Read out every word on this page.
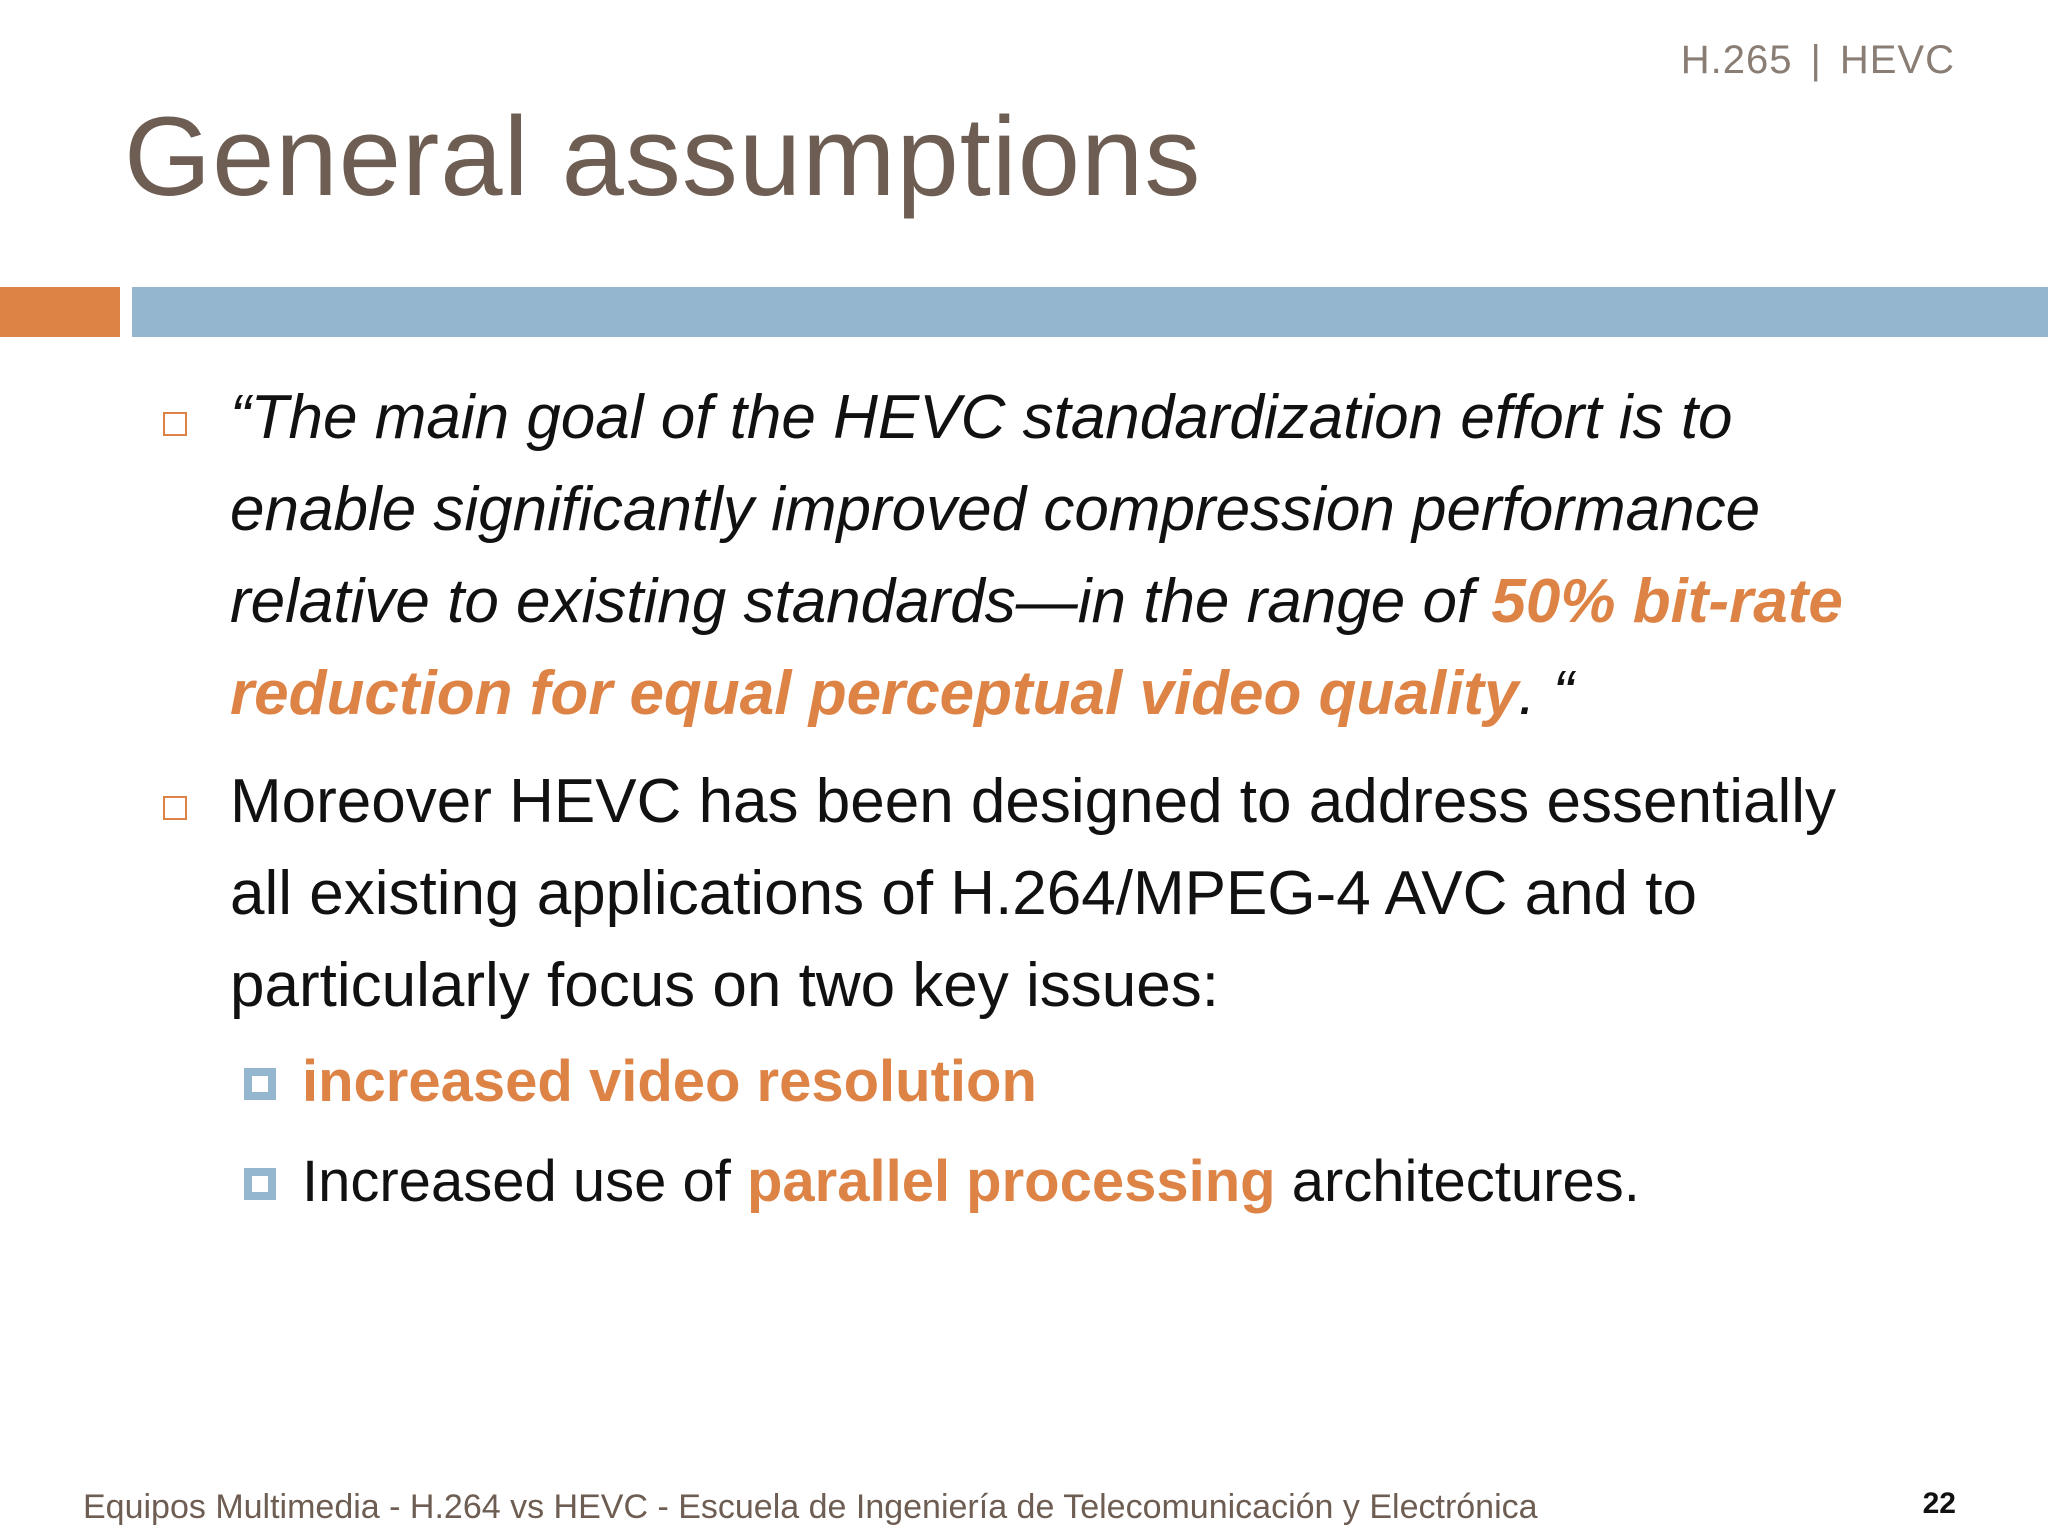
H.265 | HEVC
General assumptions
“The main goal of the HEVC standardization effort is to enable significantly improved compression performance relative to existing standards—in the range of 50% bit-rate reduction for equal perceptual video quality. “
Moreover HEVC has been designed to address essentially all existing applications of H.264/MPEG-4 AVC and to particularly focus on two key issues:
increased video resolution
Increased use of parallel processing architectures.
Equipos Multimedia - H.264 vs HEVC - Escuela de Ingeniería de Telecomunicación y Electrónica	22
